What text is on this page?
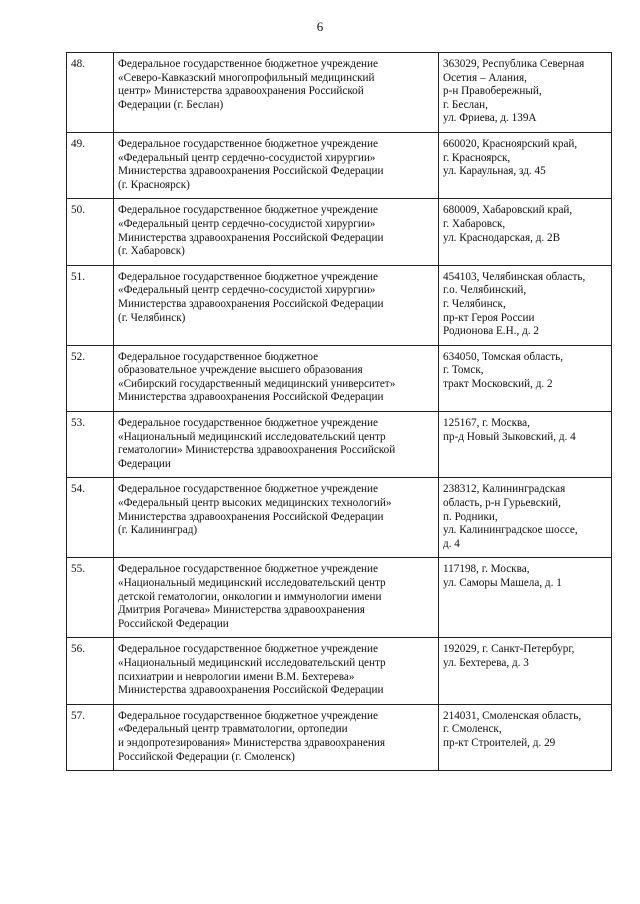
6
48.	Федеральное государственное бюджетное учреждение
«Северо-Кавказский многопрофильный медицинский
центр» Министерства здравоохранения Российской
Федерации (г. Беслан)	363029, Республика Северная
Осетия – Алания,
р-н Правобережный,
г. Беслан,
ул. Фриева, д. 139А

49.	Федеральное государственное бюджетное учреждение
«Федеральный центр сердечно-сосудистой хирургии»
Министерства здравоохранения Российской Федерации
(г. Красноярск)	660020, Красноярский край,
г. Красноярск,
ул. Караульная, зд. 45

50.	Федеральное государственное бюджетное учреждение
«Федеральный центр сердечно-сосудистой хирургии»
Министерства здравоохранения Российской Федерации
(г. Хабаровск)	680009, Хабаровский край,
г. Хабаровск,
ул. Краснодарская, д. 2В

51.	Федеральное государственное бюджетное учреждение
«Федеральный центр сердечно-сосудистой хирургии»
Министерства здравоохранения Российской Федерации
(г. Челябинск)	454103, Челябинская область,
г.о. Челябинский,
г. Челябинск,
пр-кт Героя России
Родионова Е.Н., д. 2

52.	Федеральное государственное бюджетное
образовательное учреждение высшего образования
«Сибирский государственный медицинский университет»
Министерства здравоохранения Российской Федерации	634050, Томская область,
г. Томск,
тракт Московский, д. 2

53.	Федеральное государственное бюджетное учреждение
«Национальный медицинский исследовательский центр
гематологии» Министерства здравоохранения Российской
Федерации	125167, г. Москва,
пр-д Новый Зыковский, д. 4

54.	Федеральное государственное бюджетное учреждение
«Федеральный центр высоких медицинских технологий»
Министерства здравоохранения Российской Федерации
(г. Калининград)	238312, Калининградская
область, р-н Гурьевский,
п. Родники,
ул. Калининградское шоссе,
д. 4

55.	Федеральное государственное бюджетное учреждение
«Национальный медицинский исследовательский центр
детской гематологии, онкологии и иммунологии имени
Дмитрия Рогачева» Министерства здравоохранения
Российской Федерации	117198, г. Москва,
ул. Саморы Машела, д. 1

56.	Федеральное государственное бюджетное учреждение
«Национальный медицинский исследовательский центр
психиатрии и неврологии имени В.М. Бехтерева»
Министерства здравоохранения Российской Федерации	192029, г. Санкт-Петербург,
ул. Бехтерева, д. 3

57.	Федеральное государственное бюджетное учреждение
«Федеральный центр травматологии, ортопедии
и эндопротезирования» Министерства здравоохранения
Российской Федерации (г. Смоленск)	214031, Смоленская область,
г. Смоленск,
пр-кт Строителей, д. 29
